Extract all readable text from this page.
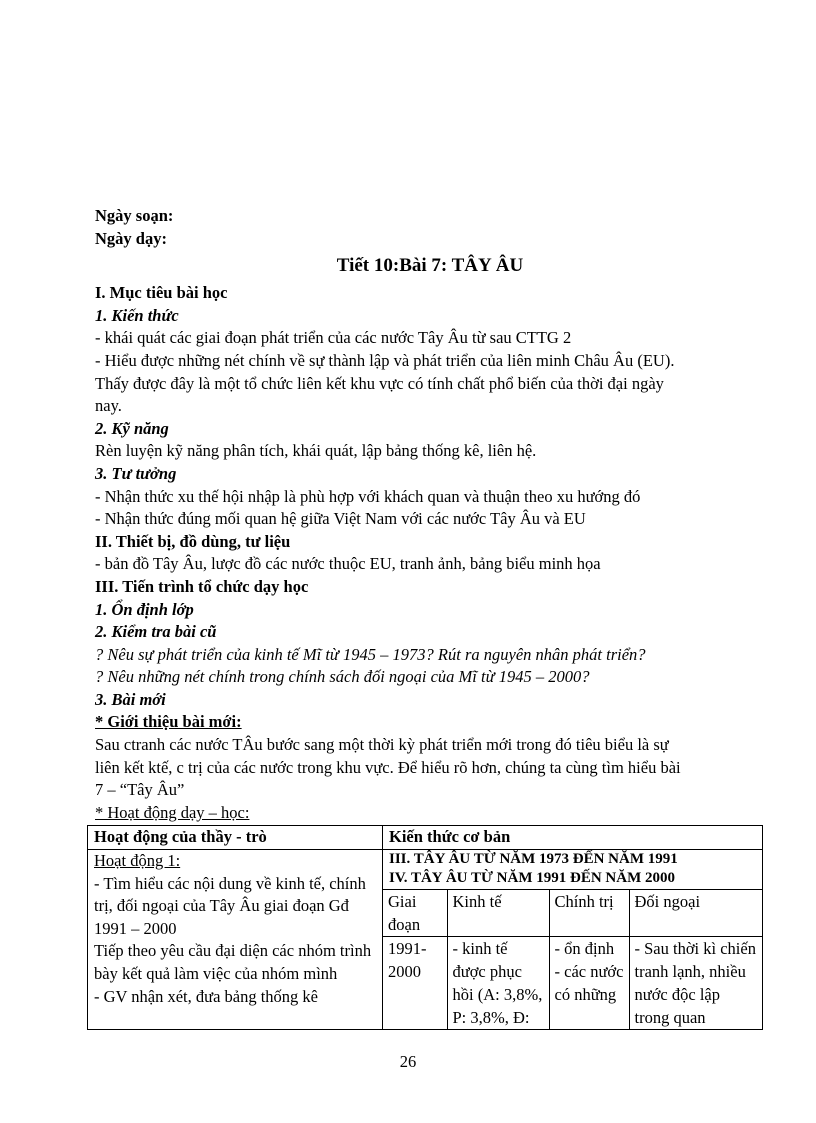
Ngày soạn:
Ngày dạy:
Tiết 10:Bài 7: TÂY ÂU
I. Mục tiêu bài học
1. Kiến thức
- khái quát các giai đoạn phát triển của các nước Tây Âu từ sau CTTG 2
- Hiểu được những nét chính về sự thành lập và phát triển của liên minh Châu Âu (EU).
Thấy được đây là một tổ chức liên kết khu vực có tính chất phổ biến của thời đại ngày
nay.
2. Kỹ năng
Rèn luyện kỹ năng phân tích, khái quát, lập bảng thống kê, liên hệ.
3. Tư tưởng
- Nhận thức xu thế hội nhập là phù hợp với khách quan và thuận theo xu hướng đó
- Nhận thức đúng mối quan hệ giữa Việt Nam với các nước Tây Âu và EU
II. Thiết bị, đồ dùng, tư liệu
- bản đồ Tây Âu, lược đồ các nước thuộc EU, tranh ảnh, bảng biểu minh họa
III. Tiến trình tổ chức dạy học
1. Ổn định lớp
2. Kiểm tra bài cũ
? Nêu sự phát triển của kinh tế Mĩ từ 1945 – 1973? Rút ra nguyên nhân phát triển?
? Nêu những nét chính trong chính sách đối ngoại của Mĩ từ 1945 – 2000?
3. Bài mới
* Giới thiệu bài mới:
Sau ctranh các nước TÂu bước sang một thời kỳ phát triển mới trong đó tiêu biểu là sự
liên kết ktế, c trị của các nước trong khu vực. Để hiểu rõ hơn, chúng ta cùng tìm hiểu bài
7 – “Tây Âu”
* Hoạt động dạy – học:
Hoạt động của thầy - trò	Kiến thức cơ bản

Hoạt động 1:
- Tìm hiểu các nội dung về kinh tế, chính trị, đối ngoại của Tây Âu giai đoạn Gđ 1991 – 2000
Tiếp theo yêu cầu đại diện các nhóm trình bày kết quả làm việc của nhóm mình
- GV nhận xét, đưa bảng thống kê

III. TÂY ÂU TỪ NĂM 1973 ĐẾN NĂM 1991
IV. TÂY ÂU TỪ NĂM 1991 ĐẾN NĂM 2000
Giai đoạn	Kinh tế	Chính trị	Đối ngoại
1991-2000	- kinh tế được phục hồi (A: 3,8%, P: 3,8%, Đ:	- ổn định - các nước có những	- Sau thời kì chiến tranh lạnh, nhiều nước độc lập trong quan
26
